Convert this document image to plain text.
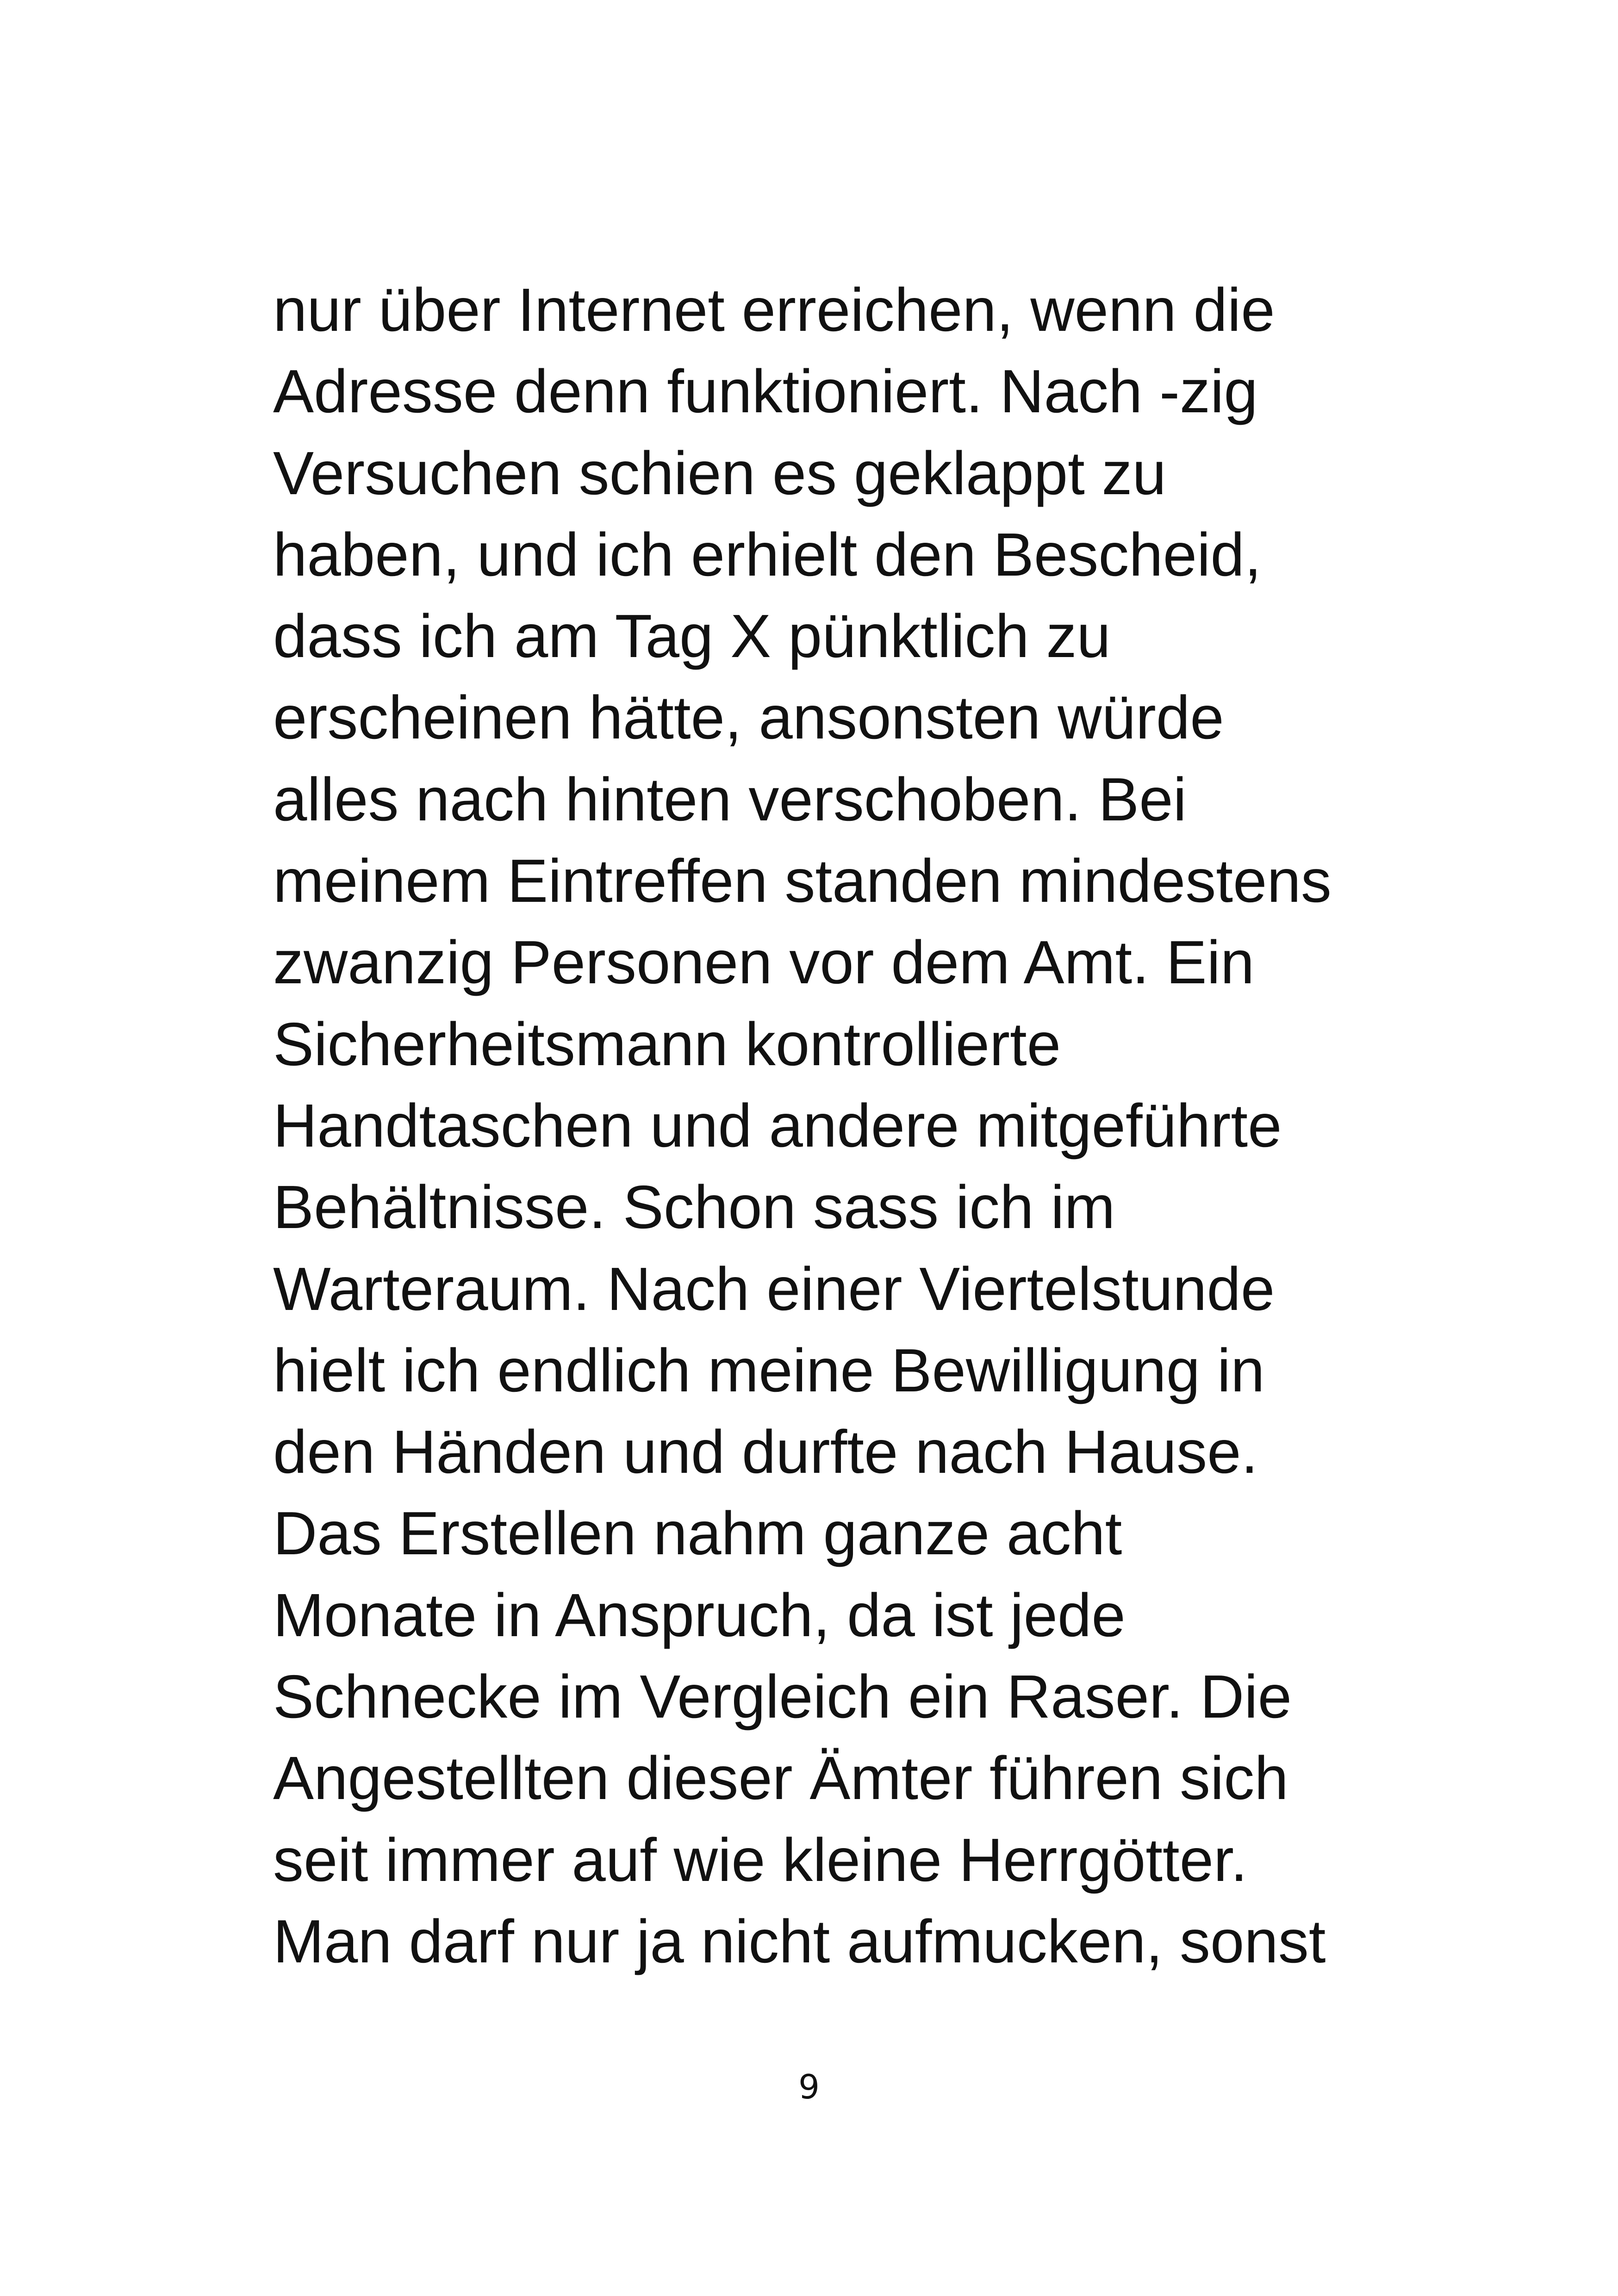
nur über Internet erreichen, wenn die
Adresse denn funktioniert. Nach -zig
Versuchen schien es geklappt zu
haben, und ich erhielt den Bescheid,
dass ich am Tag X pünktlich zu
erscheinen hätte, ansonsten würde
alles nach hinten verschoben. Bei
meinem Eintreffen standen mindestens
zwanzig Personen vor dem Amt. Ein
Sicherheitsmann kontrollierte
Handtaschen und andere mitgeführte
Behältnisse. Schon sass ich im
Warteraum. Nach einer Viertelstunde
hielt ich endlich meine Bewilligung in
den Händen und durfte nach Hause.
Das Erstellen nahm ganze acht
Monate in Anspruch, da ist jede
Schnecke im Vergleich ein Raser. Die
Angestellten dieser Ämter führen sich
seit immer auf wie kleine Herrgötter.
Man darf nur ja nicht aufmucken, sonst
9
